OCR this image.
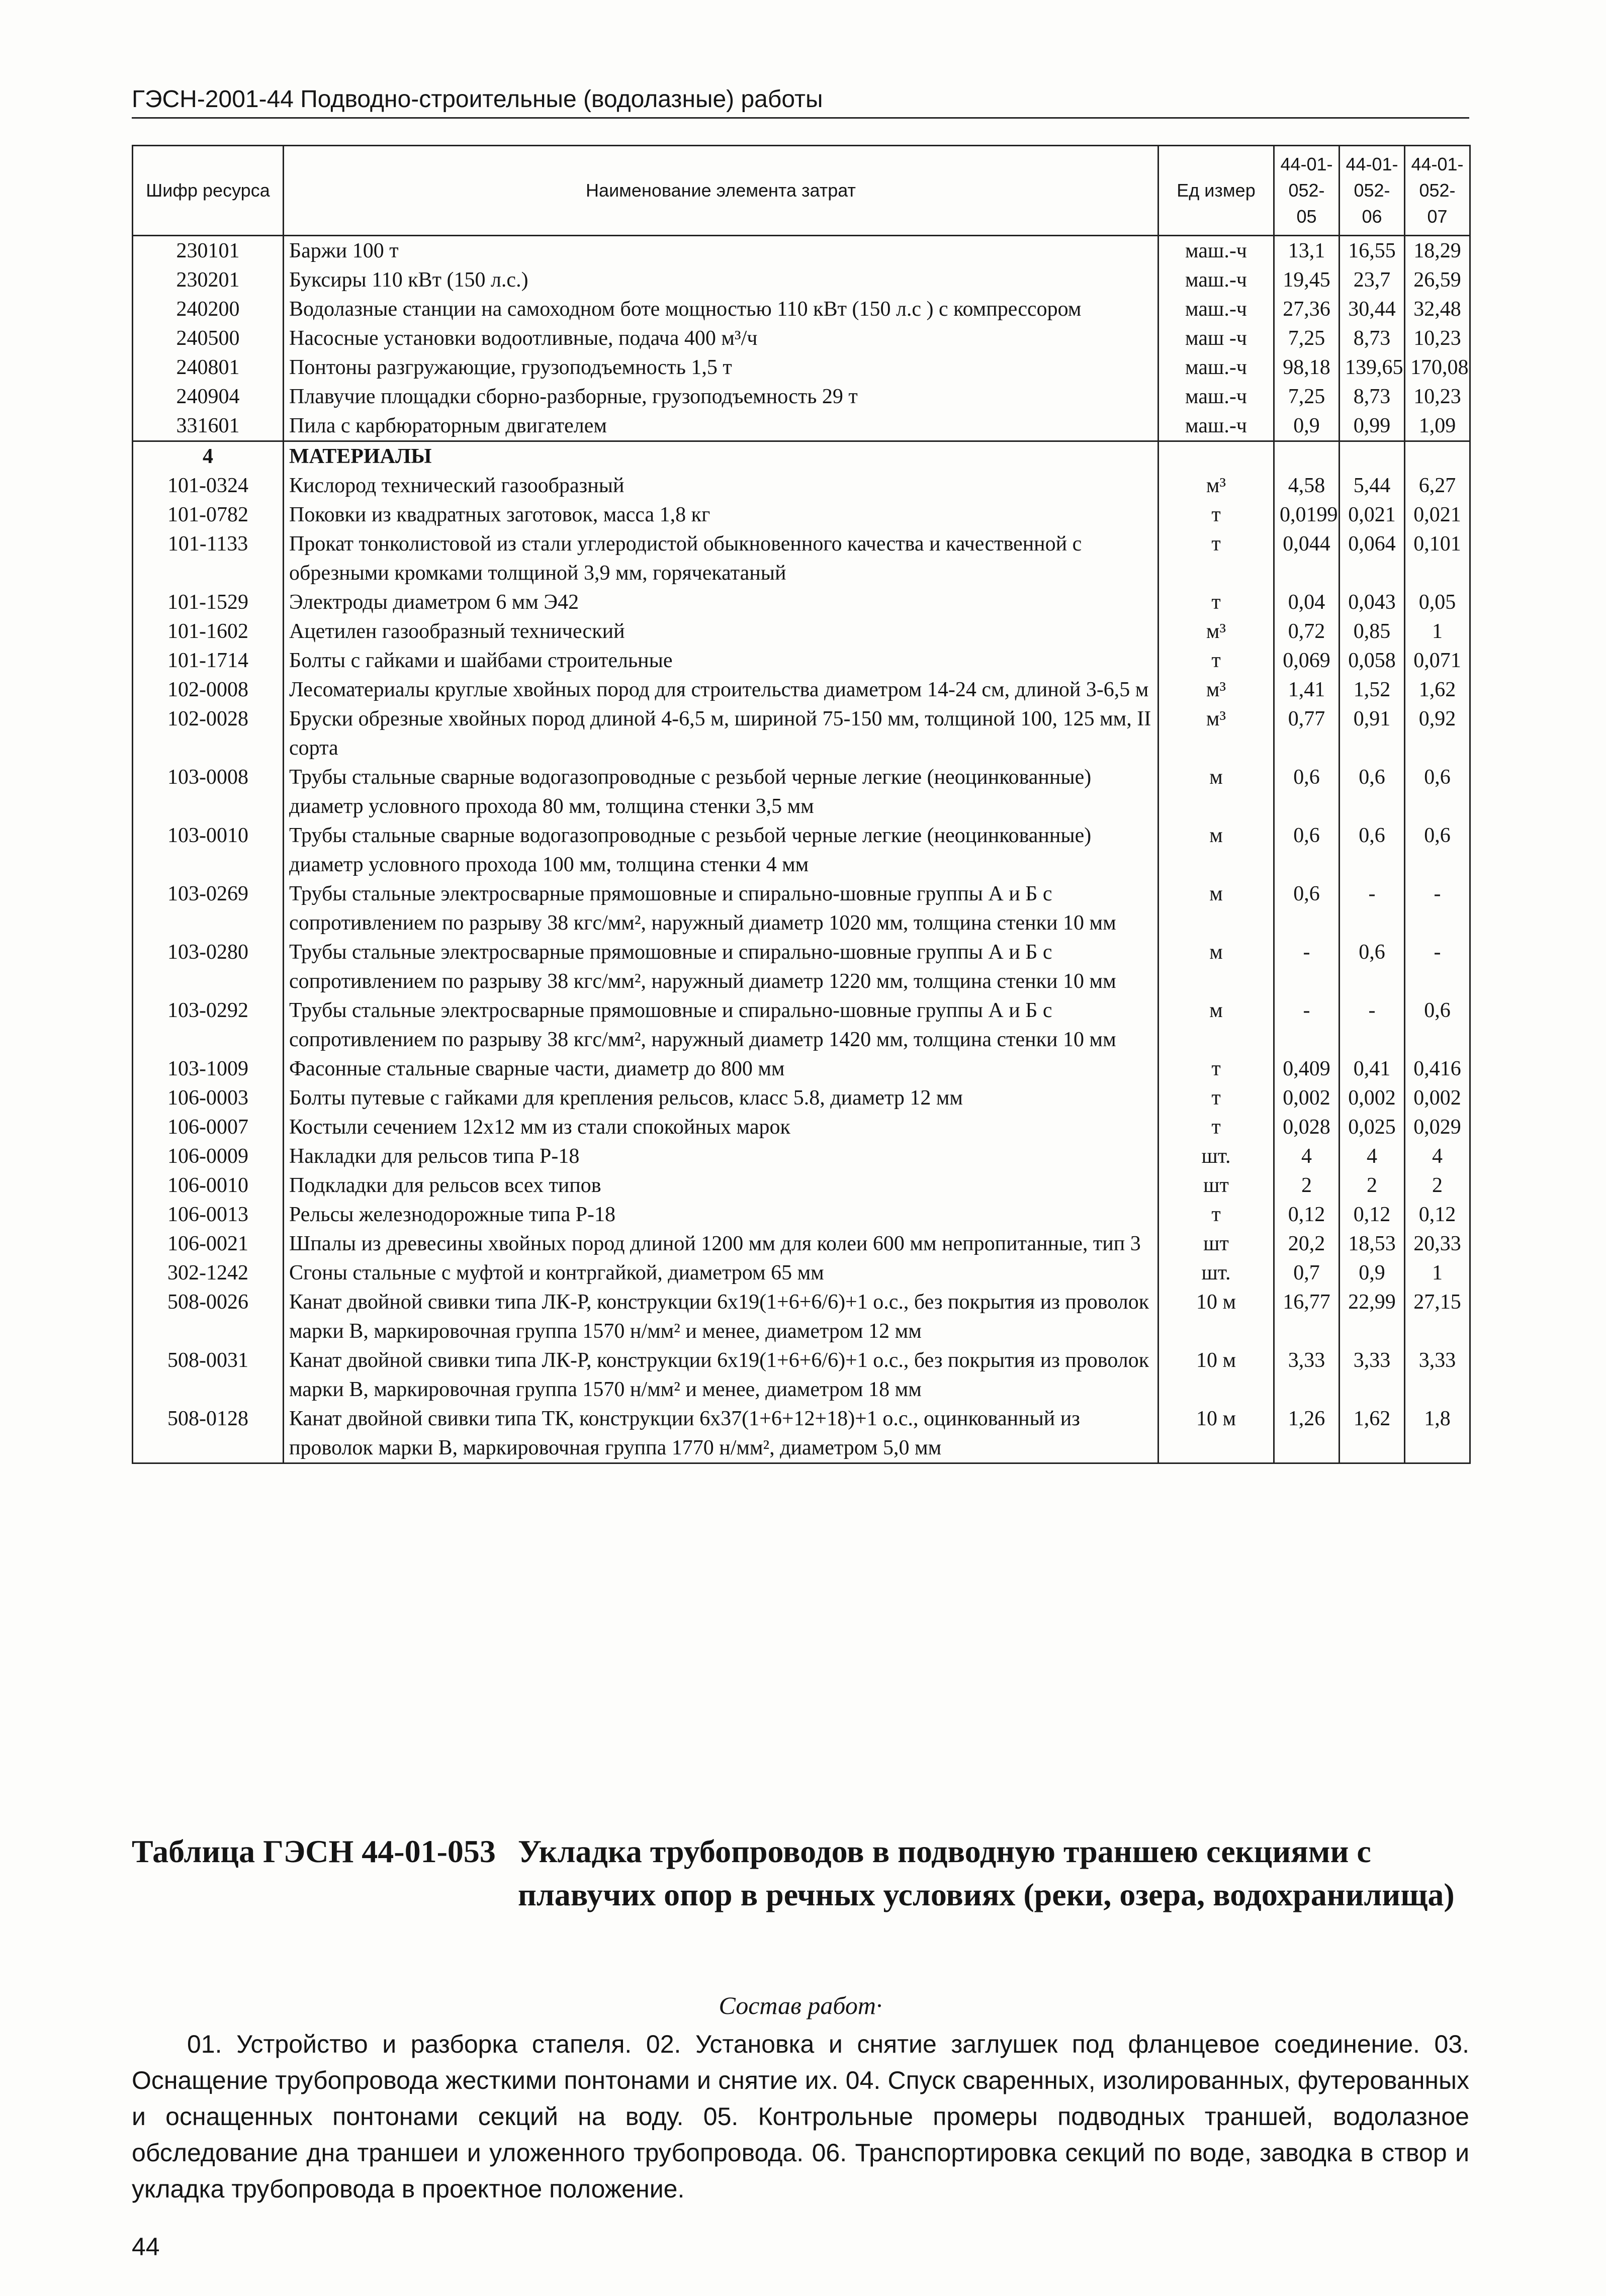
ГЭСН-2001-44 Подводно-строительные (водолазные) работы
Шифр ресурса	Наименование элемента затрат	Ед измер	44-01-052-05	44-01-052-06	44-01-052-07
230101	Баржи 100 т	маш.-ч	13,1	16,55	18,29
230201	Буксиры 110 кВт (150 л.с.)	маш.-ч	19,45	23,7	26,59
240200	Водолазные станции на самоходном боте мощностью 110 кВт (150 л.с ) с компрессором	маш.-ч	27,36	30,44	32,48
240500	Насосные установки водоотливные, подача 400 м³/ч	маш -ч	7,25	8,73	10,23
240801	Понтоны разгружающие, грузоподъемность 1,5 т	маш.-ч	98,18	139,65	170,08
240904	Плавучие площадки сборно-разборные, грузоподъемность 29 т	маш.-ч	7,25	8,73	10,23
331601	Пила с карбюраторным двигателем	маш.-ч	0,9	0,99	1,09
4	МАТЕРИАЛЫ				
101-0324	Кислород технический газообразный	м³	4,58	5,44	6,27
101-0782	Поковки из квадратных заготовок, масса 1,8 кг	т	0,0199	0,021	0,021
101-1133	Прокат тонколистовой из стали углеродистой обыкновенного качества и качественной с обрезными кромками толщиной 3,9 мм, горячекатаный	т	0,044	0,064	0,101
101-1529	Электроды диаметром 6 мм Э42	т	0,04	0,043	0,05
101-1602	Ацетилен газообразный технический	м³	0,72	0,85	1
101-1714	Болты с гайками и шайбами строительные	т	0,069	0,058	0,071
102-0008	Лесоматериалы круглые хвойных пород для строительства диаметром 14-24 см, длиной 3-6,5 м	м³	1,41	1,52	1,62
102-0028	Бруски обрезные хвойных пород длиной 4-6,5 м, шириной 75-150 мм, толщиной 100, 125 мм, II сорта	м³	0,77	0,91	0,92
103-0008	Трубы стальные сварные водогазопроводные с резьбой черные легкие (неоцинкованные) диаметр условного прохода 80 мм, толщина стенки 3,5 мм	м	0,6	0,6	0,6
103-0010	Трубы стальные сварные водогазопроводные с резьбой черные легкие (неоцинкованные) диаметр условного прохода 100 мм, толщина стенки 4 мм	м	0,6	0,6	0,6
103-0269	Трубы стальные электросварные прямошовные и спирально-шовные группы А и Б с сопротивлением по разрыву 38 кгс/мм², наружный диаметр 1020 мм, толщина стенки 10 мм	м	0,6	-	-
103-0280	Трубы стальные электросварные прямошовные и спирально-шовные группы А и Б с сопротивлением по разрыву 38 кгс/мм², наружный диаметр 1220 мм, толщина стенки 10 мм	м	-	0,6	-
103-0292	Трубы стальные электросварные прямошовные и спирально-шовные группы А и Б с сопротивлением по разрыву 38 кгс/мм², наружный диаметр 1420 мм, толщина стенки 10 мм	м	-	-	0,6
103-1009	Фасонные стальные сварные части, диаметр до 800 мм	т	0,409	0,41	0,416
106-0003	Болты путевые с гайками для крепления рельсов, класс 5.8, диаметр 12 мм	т	0,002	0,002	0,002
106-0007	Костыли сечением 12х12 мм из стали спокойных марок	т	0,028	0,025	0,029
106-0009	Накладки для рельсов типа Р-18	шт.	4	4	4
106-0010	Подкладки для рельсов всех типов	шт	2	2	2
106-0013	Рельсы железнодорожные типа Р-18	т	0,12	0,12	0,12
106-0021	Шпалы из древесины хвойных пород длиной 1200 мм для колеи 600 мм непропитанные, тип 3	шт	20,2	18,53	20,33
302-1242	Сгоны стальные с муфтой и контргайкой, диаметром 65 мм	шт.	0,7	0,9	1
508-0026	Канат двойной свивки типа ЛК-Р, конструкции 6х19(1+6+6/6)+1 о.с., без покрытия из проволок марки В, маркировочная группа 1570 н/мм² и менее, диаметром 12 мм	10 м	16,77	22,99	27,15
508-0031	Канат двойной свивки типа ЛК-Р, конструкции 6х19(1+6+6/6)+1 о.с., без покрытия из проволок марки В, маркировочная группа 1570 н/мм² и менее, диаметром 18 мм	10 м	3,33	3,33	3,33
508-0128	Канат двойной свивки типа ТК, конструкции 6х37(1+6+12+18)+1 о.с., оцинкованный из проволок марки В, маркировочная группа 1770 н/мм², диаметром 5,0 мм	10 м	1,26	1,62	1,8
Таблица ГЭСН 44-01-053 Укладка трубопроводов в подводную траншею секциями с плавучих опор в речных условиях (реки, озера, водохранилища)
Состав работ·
01. Устройство и разборка стапеля. 02. Установка и снятие заглушек под фланцевое соединение. 03. Оснащение трубопровода жесткими понтонами и снятие их. 04. Спуск сваренных, изолированных, футерованных и оснащенных понтонами секций на воду. 05. Контрольные промеры подводных траншей, водолазное обследование дна траншеи и уложенного трубопровода. 06. Транспортировка секций по воде, заводка в створ и укладка трубопровода в проектное положение.
44
